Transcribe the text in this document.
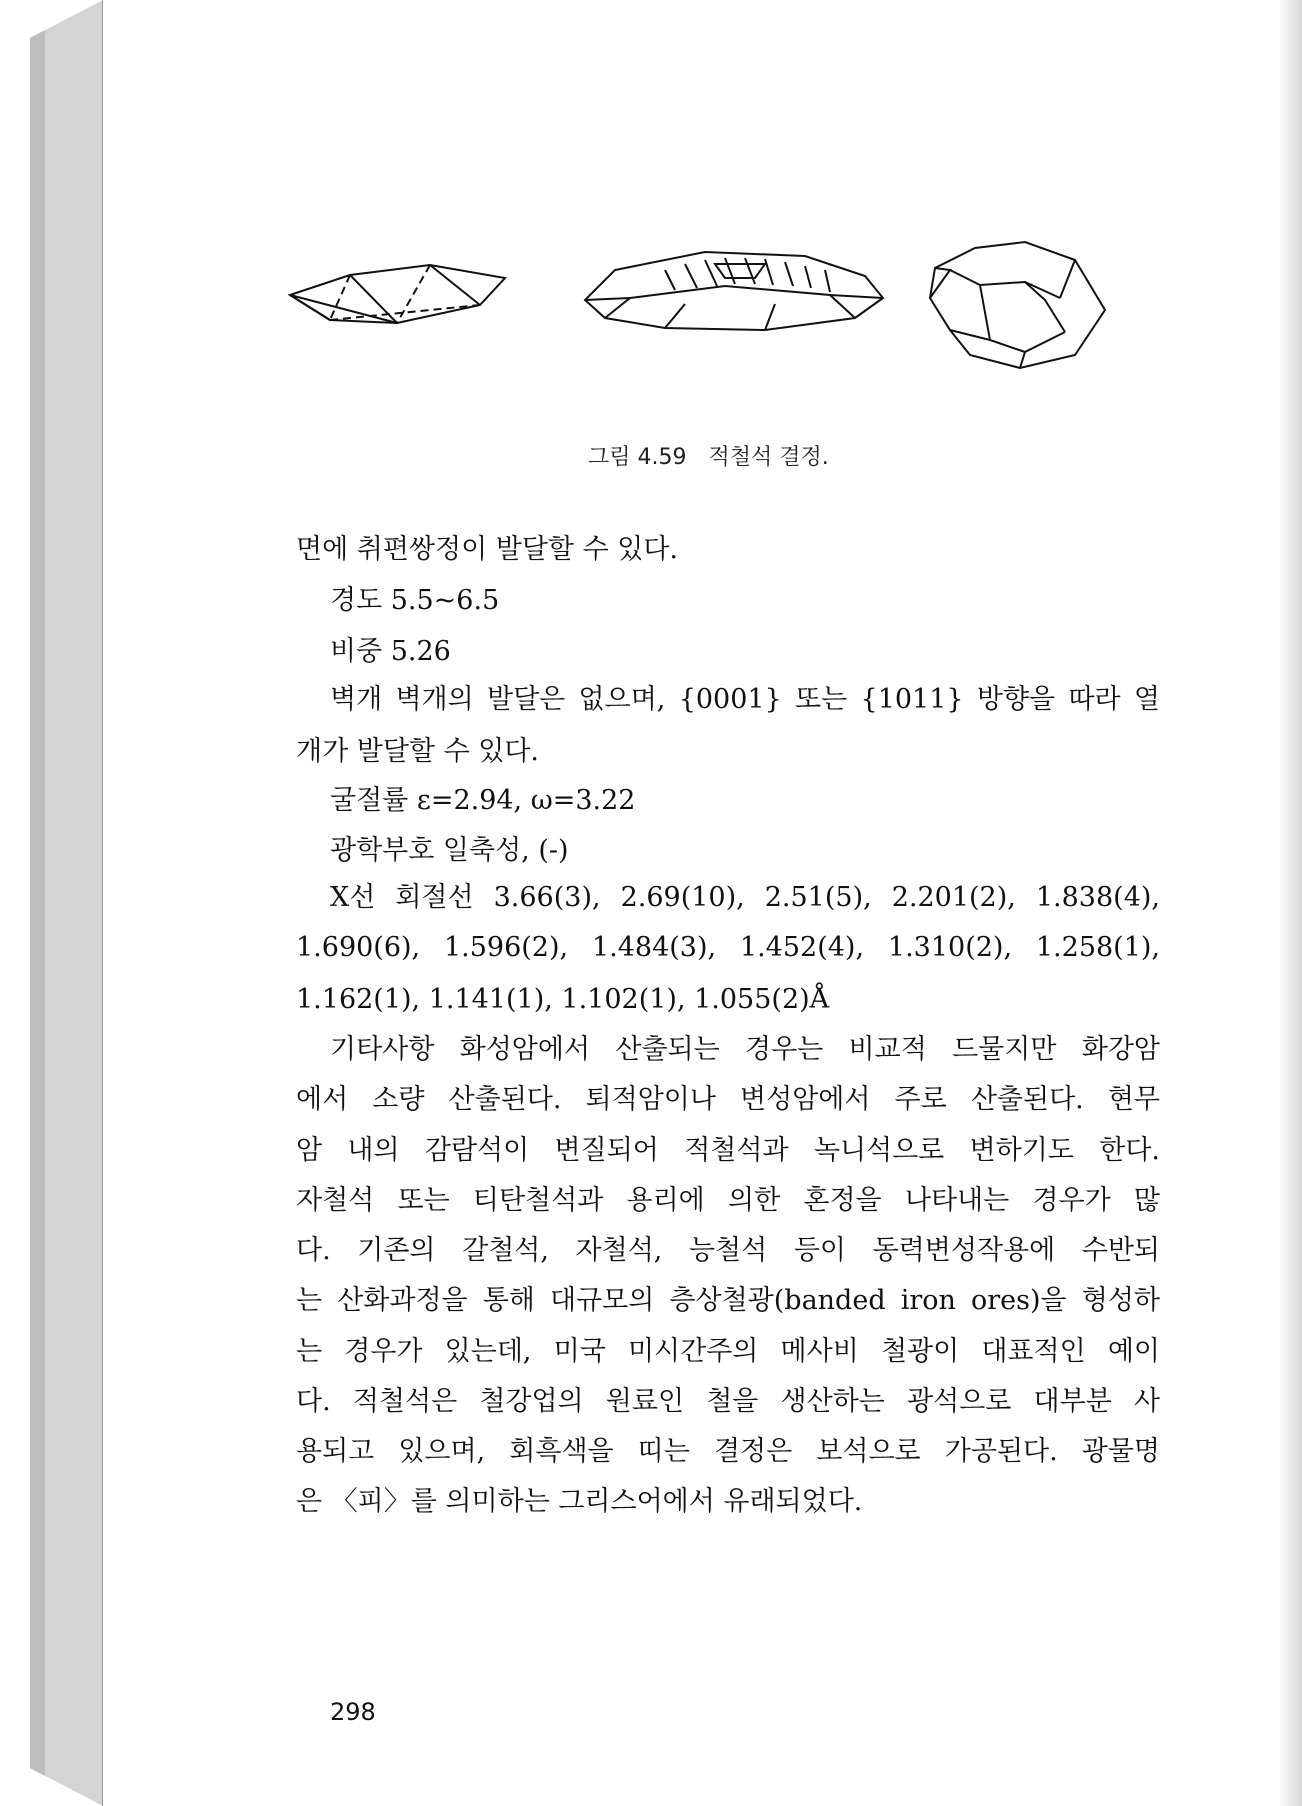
그림 4.59 적철석 결정.
면에 취편쌍정이 발달할 수 있다.
경도 5.5~6.5
비중 5.26
벽개 벽개의 발달은 없으며, {0001} 또는 {1011} 방향을 따라 열
개가 발달할 수 있다.
굴절률 ε=2.94, ω=3.22
광학부호 일축성, (-)
X선 회절선 3.66(3), 2.69(10), 2.51(5), 2.201(2), 1.838(4),
1.690(6), 1.596(2), 1.484(3), 1.452(4), 1.310(2), 1.258(1),
1.162(1), 1.141(1), 1.102(1), 1.055(2)Å
기타사항 화성암에서 산출되는 경우는 비교적 드물지만 화강암
에서 소량 산출된다. 퇴적암이나 변성암에서 주로 산출된다. 현무
암 내의 감람석이 변질되어 적철석과 녹니석으로 변하기도 한다.
자철석 또는 티탄철석과 용리에 의한 혼정을 나타내는 경우가 많
다. 기존의 갈철석, 자철석, 능철석 등이 동력변성작용에 수반되
는 산화과정을 통해 대규모의 층상철광(banded iron ores)을 형성하
는 경우가 있는데, 미국 미시간주의 메사비 철광이 대표적인 예이
다. 적철석은 철강업의 원료인 철을 생산하는 광석으로 대부분 사
용되고 있으며, 회흑색을 띠는 결정은 보석으로 가공된다. 광물명
은 〈피〉를 의미하는 그리스어에서 유래되었다.
298
